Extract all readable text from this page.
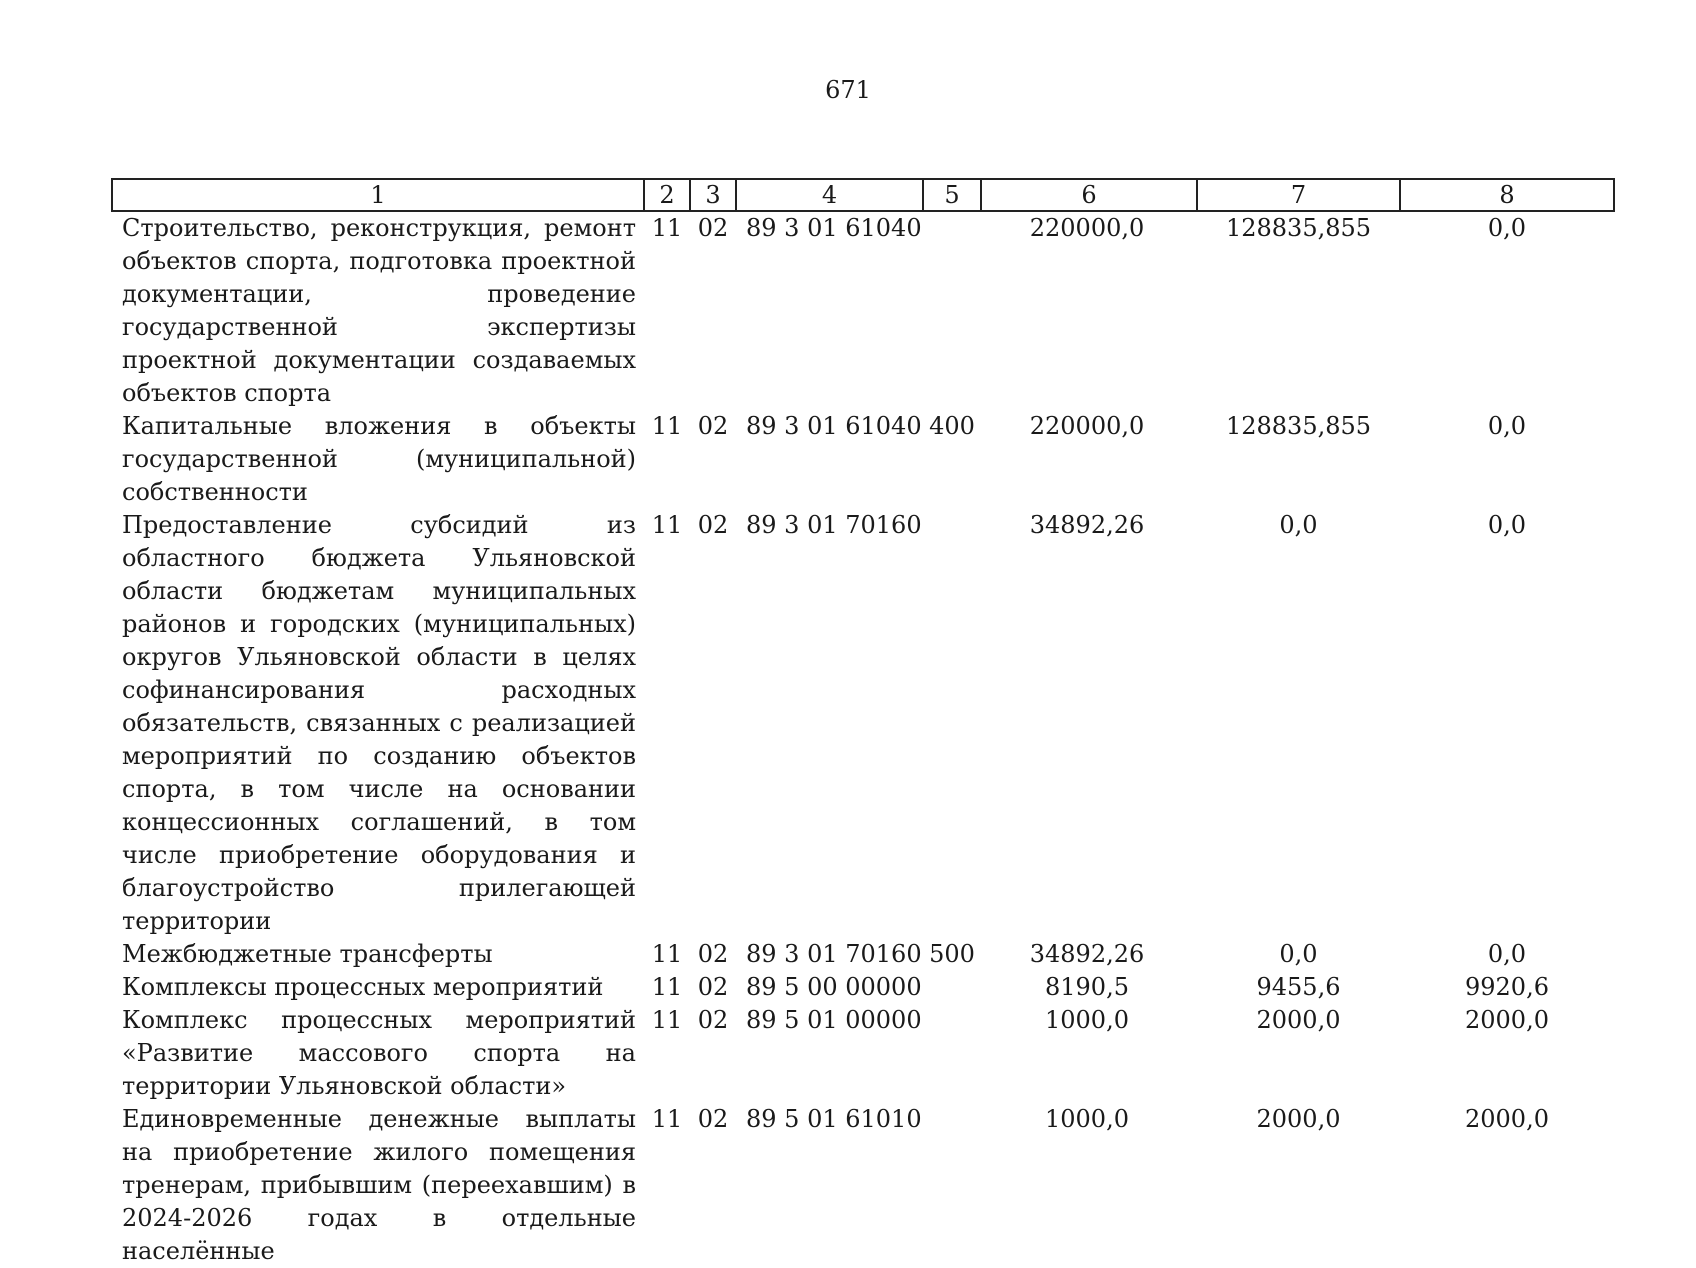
671
1	2	3	4	5	6	7	8
Строительство, реконструкция, ремонт объектов спорта, подготовка проектной документации, проведение государственной экспертизы проектной документации создаваемых объектов спорта	11	02	89 3 01 61040		220000,0	128835,855	0,0
Капитальные вложения в объекты государственной (муниципальной) собственности	11	02	89 3 01 61040	400	220000,0	128835,855	0,0
Предоставление субсидий из областного бюджета Ульяновской области бюджетам муниципальных районов и городских (муниципальных) округов Ульяновской области в целях софинансирования расходных обязательств, связанных с реализацией мероприятий по созданию объектов спорта, в том числе на основании концессионных соглашений, в том числе приобретение оборудования и благоустройство прилегающей территории	11	02	89 3 01 70160		34892,26	0,0	0,0
Межбюджетные трансферты	11	02	89 3 01 70160	500	34892,26	0,0	0,0
Комплексы процессных мероприятий	11	02	89 5 00 00000		8190,5	9455,6	9920,6
Комплекс процессных мероприятий «Развитие массового спорта на территории Ульяновской области»	11	02	89 5 01 00000		1000,0	2000,0	2000,0
Единовременные денежные выплаты на приобретение жилого помещения тренерам, прибывшим (переехавшим) в 2024-2026 годах в отдельные населённые	11	02	89 5 01 61010		1000,0	2000,0	2000,0
